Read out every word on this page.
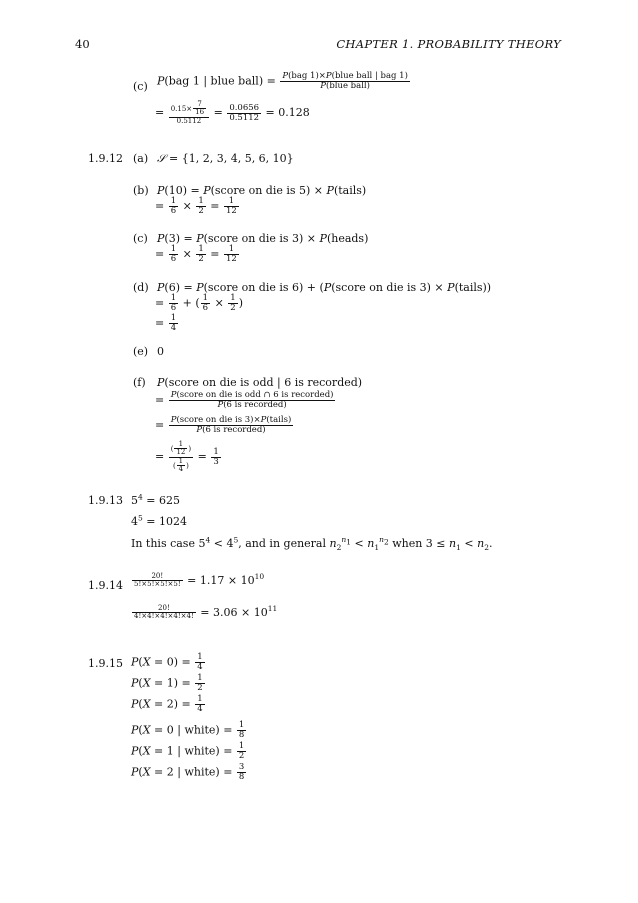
40	CHAPTER 1. PROBABILITY THEORY
(c) P(bag 1 | blue ball) = $\frac{\text{P(bag 1)×P(blue ball | bag 1)}}{\text{P(blue ball)}}$
= $\frac{0.15\times \frac{7}{16}}{0.5112} = \frac{0.0656}{0.5112} = 0.128$
1.9.12 (a) 𝒮 = {1, 2, 3, 4, 5, 6, 10}
(b) P(10) = P(score on die is 5) × P(tails)
= $\frac{1}{6} \times \frac{1}{2} = \frac{1}{12}$
(c) P(3) = P(score on die is 3) × P(heads)
= $\frac{1}{6} \times \frac{1}{2} = \frac{1}{12}$
(d) P(6) = P(score on die is 6) + (P(score on die is 3) × P(tails))
= $\frac{1}{6}$ + ( $\frac{1}{6} \times \frac{1}{2}$ )
= $\frac{1}{4}$
(e) 0
(f) P(score on die is odd | 6 is recorded)
= $\frac{\text{P(score on die is odd ∩ 6 is recorded)}}{\text{P(6 is recorded)}}$
= $\frac{\text{P(score on die is 3)×P(tails)}}{\text{P(6 is recorded)}}$
= $\frac{( \frac{1}{12} )}{( \frac{1}{4} )} = \frac{1}{3}$
1.9.13 $5^4 = 625$
$4^5 = 1024$
In this case $5^4 < 4^5$, and in general $n_2^{n_1} < n_1^{n_2}$ when $3 \le n_1 < n_2$.
$1.9.14 \frac{20!}{5!\times 5!\times 5!\times 5!} = 1.17 \times 10^{10}$
$\frac{20!}{4!\times 4!\times 4!\times 4!\times 4!} = 3.06 \times 10^{11}$
1.9.15 $P(X = 0) = \frac{1}{4}$
$P(X = 1) = \frac{1}{2}$
$P(X = 2) = \frac{1}{4}$
P(X = 0 | white) = $\frac{1}{8}$
P(X = 1 | white) = $\frac{1}{2}$
P(X = 2 | white) = $\frac{3}{8}$
